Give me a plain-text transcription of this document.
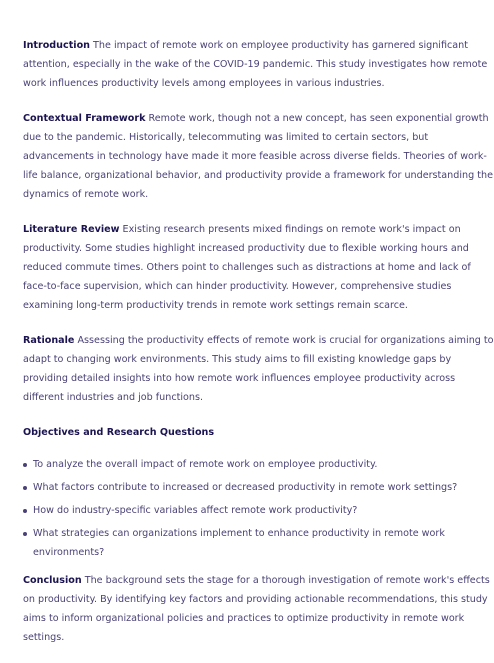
Introduction The impact of remote work on employee productivity has garnered significant
attention, especially in the wake of the COVID-19 pandemic. This study investigates how remote
work influences productivity levels among employees in various industries.

Contextual Framework Remote work, though not a new concept, has seen exponential growth
due to the pandemic. Historically, telecommuting was limited to certain sectors, but
advancements in technology have made it more feasible across diverse fields. Theories of work-
life balance, organizational behavior, and productivity provide a framework for understanding the
dynamics of remote work.

Literature Review Existing research presents mixed findings on remote work's impact on
productivity. Some studies highlight increased productivity due to flexible working hours and
reduced commute times. Others point to challenges such as distractions at home and lack of
face-to-face supervision, which can hinder productivity. However, comprehensive studies
examining long-term productivity trends in remote work settings remain scarce.

Rationale Assessing the productivity effects of remote work is crucial for organizations aiming to
adapt to changing work environments. This study aims to fill existing knowledge gaps by
providing detailed insights into how remote work influences employee productivity across
different industries and job functions.

Objectives and Research Questions
To analyze the overall impact of remote work on employee productivity.
What factors contribute to increased or decreased productivity in remote work settings?
How do industry-specific variables affect remote work productivity?
What strategies can organizations implement to enhance productivity in remote work
environments?

Conclusion The background sets the stage for a thorough investigation of remote work's effects
on productivity. By identifying key factors and providing actionable recommendations, this study
aims to inform organizational policies and practices to optimize productivity in remote work
settings.
